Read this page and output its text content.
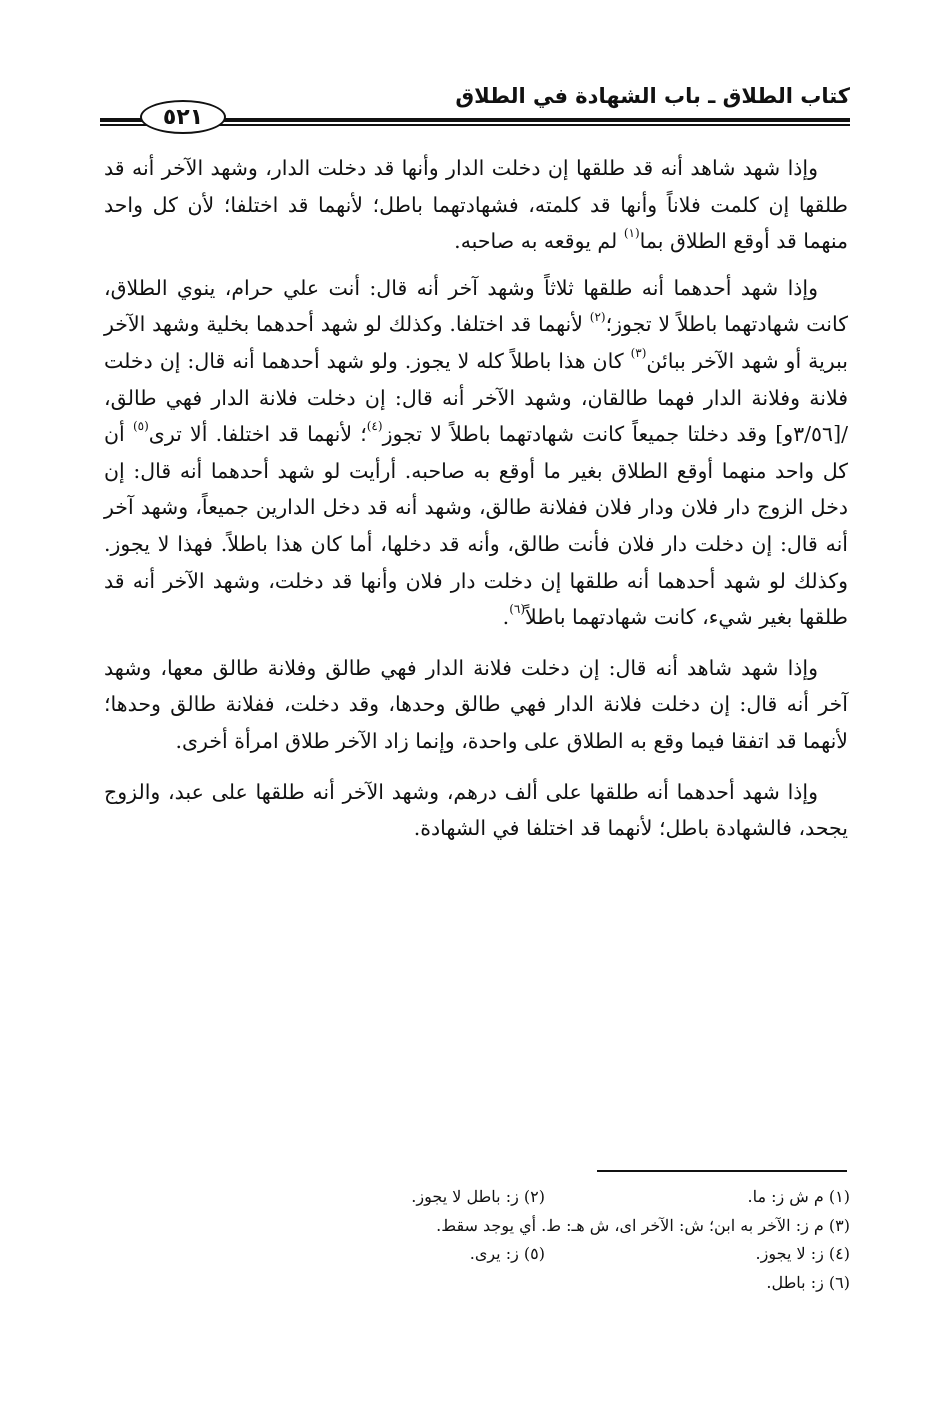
كتاب الطلاق ـ باب الشهادة في الطلاق
٥٢١

وإذا شهد شاهد أنه قد طلقها إن دخلت الدار وأنها قد دخلت الدار، وشهد الآخر أنه قد طلقها إن كلمت فلاناً وأنها قد كلمته، فشهادتهما باطل؛ لأنهما قد اختلفا؛ لأن كل واحد منهما قد أوقع الطلاق بما$^{(١)}$ لم يوقعه به صاحبه.

وإذا شهد أحدهما أنه طلقها ثلاثاً وشهد آخر أنه قال: أنت علي حرام، ينوي الطلاق، كانت شهادتهما باطلاً لا تجوز؛$^{(٢)}$ لأنهما قد اختلفا. وكذلك لو شهد أحدهما بخلية وشهد الآخر ببرية أو شهد الآخر ببائن$^{(٣)}$ كان هذا باطلاً كله لا يجوز. ولو شهد أحدهما أنه قال: إن دخلت فلانة وفلانة الدار فهما طالقان، وشهد الآخر أنه قال: إن دخلت فلانة الدار فهي طالق، /[٣/٥٦و] وقد دخلتا جميعاً كانت شهادتهما باطلاً لا تجوز$^{(٤)}$؛ لأنهما قد اختلفا. ألا ترى$^{(٥)}$ أن كل واحد منهما أوقع الطلاق بغير ما أوقع به صاحبه. أرأيت لو شهد أحدهما أنه قال: إن دخل الزوج دار فلان ودار فلان ففلانة طالق، وشهد أنه قد دخل الدارين جميعاً، وشهد آخر أنه قال: إن دخلت دار فلان فأنت طالق، وأنه قد دخلها، أما كان هذا باطلاً. فهذا لا يجوز. وكذلك لو شهد أحدهما أنه طلقها إن دخلت دار فلان وأنها قد دخلت، وشهد الآخر أنه قد طلقها بغير شيء، كانت شهادتهما باطلاً$^{(٦)}$.

وإذا شهد شاهد أنه قال: إن دخلت فلانة الدار فهي طالق وفلانة طالق معها، وشهد آخر أنه قال: إن دخلت فلانة الدار فهي طالق وحدها، وقد دخلت، ففلانة طالق وحدها؛ لأنهما قد اتفقا فيما وقع به الطلاق على واحدة، وإنما زاد الآخر طلاق امرأة أخرى.

وإذا شهد أحدهما أنه طلقها على ألف درهم، وشهد الآخر أنه طلقها على عبد، والزوج يجحد، فالشهادة باطل؛ لأنهما قد اختلفا في الشهادة.

(١) م ش ز: ما.
(٢) ز: باطل لا يجوز.
(٣) م ز: الآخر به ابن؛ ش: الآخر اى، ش هـ: ط. أي يوجد سقط.
(٤) ز: لا يجوز.
(٥) ز: يرى.
(٦) ز: باطل.
